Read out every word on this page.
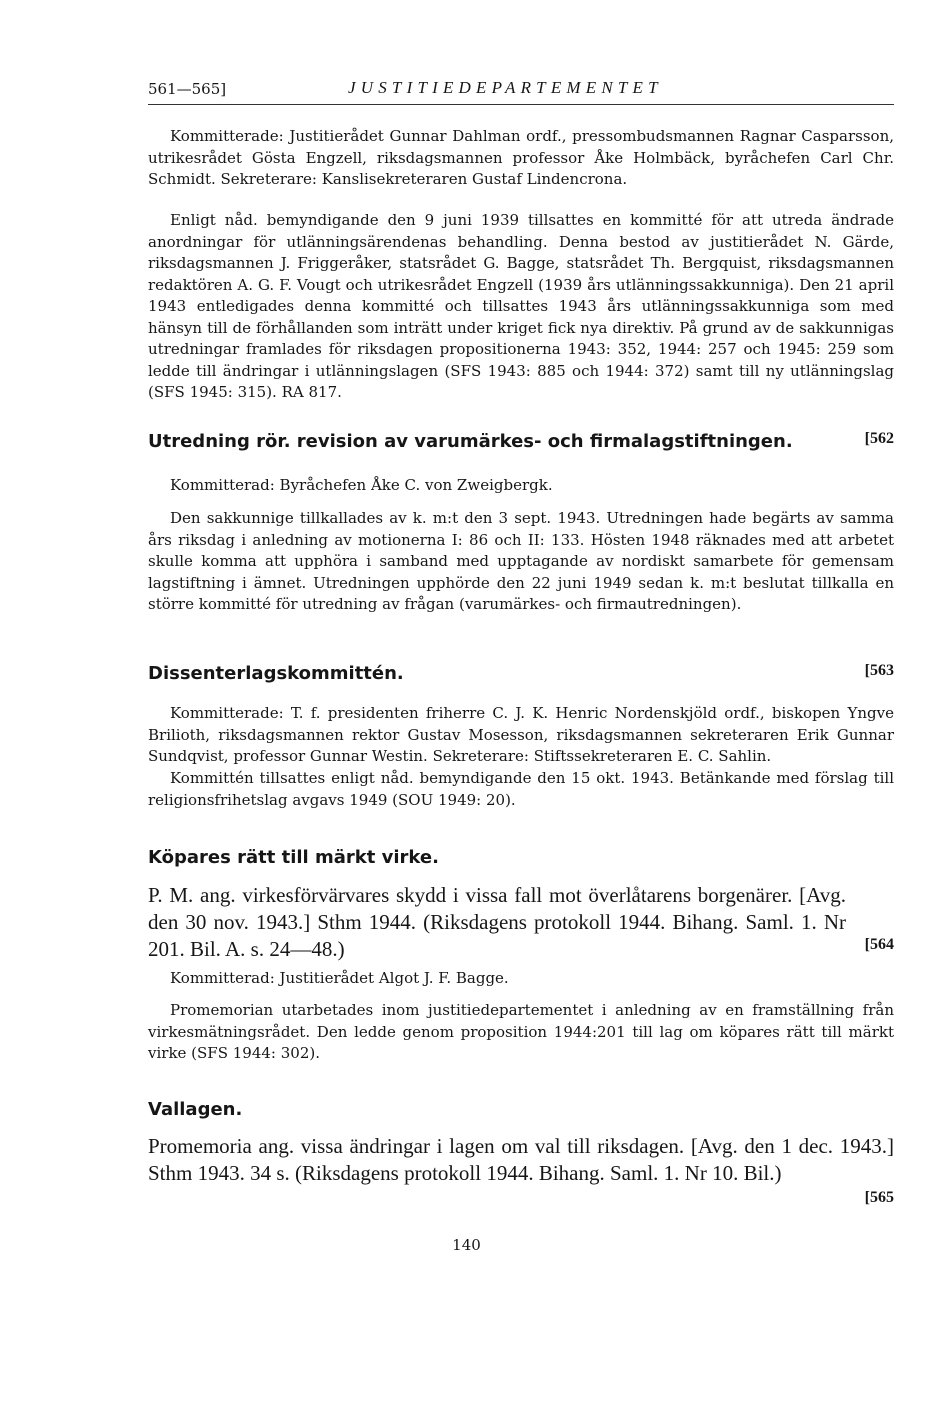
561—565]	JUSTITIEDEPARTEMENTET

Kommitterade: Justitierådet Gunnar Dahlman ordf., pressombudsmannen Ragnar Casparsson, utrikesrådet Gösta Engzell, riksdagsmannen professor Åke Holmbäck, byråchefen Carl Chr. Schmidt. Sekreterare: Kanslisekreteraren Gustaf Lindencrona.

Enligt nåd. bemyndigande den 9 juni 1939 tillsattes en kommitté för att utreda ändrade anordningar för utlänningsärendenas behandling. Denna bestod av justitierådet N. Gärde, riksdagsmannen J. Friggeråker, statsrådet G. Bagge, statsrådet Th. Bergquist, riksdagsmannen redaktören A. G. F. Vougt och utrikesrådet Engzell (1939 års utlänningssakkunniga). Den 21 april 1943 entledigades denna kommitté och tillsattes 1943 års utlänningssakkunniga som med hänsyn till de förhållanden som inträtt under kriget fick nya direktiv. På grund av de sakkunnigas utredningar framlades för riksdagen propositionerna 1943: 352, 1944: 257 och 1945: 259 som ledde till ändringar i utlänningslagen (SFS 1943: 885 och 1944: 372) samt till ny utlänningslag (SFS 1945: 315). RA 817.

Utredning rör. revision av varumärkes- och firmalagstiftningen.	[562

Kommitterad: Byråchefen Åke C. von Zweigbergk.

Den sakkunnige tillkallades av k. m:t den 3 sept. 1943. Utredningen hade begärts av samma års riksdag i anledning av motionerna I: 86 och II: 133. Hösten 1948 räknades med att arbetet skulle komma att upphöra i samband med upptagande av nordiskt samarbete för gemensam lagstiftning i ämnet. Utredningen upphörde den 22 juni 1949 sedan k. m:t beslutat tillkalla en större kommitté för utredning av frågan (varumärkes- och firmautredningen).

Dissenterlagskommittén.	[563

Kommitterade: T. f. presidenten friherre C. J. K. Henric Nordenskjöld ordf., biskopen Yngve Brilioth, riksdagsmannen rektor Gustav Mosesson, riksdagsmannen sekreteraren Erik Gunnar Sundqvist, professor Gunnar Westin. Sekreterare: Stiftssekreteraren E. C. Sahlin.

Kommittén tillsattes enligt nåd. bemyndigande den 15 okt. 1943. Betänkande med förslag till religionsfrihetslag avgavs 1949 (SOU 1949: 20).

Köpares rätt till märkt virke.

P. M. ang. virkesförvärvares skydd i vissa fall mot överlåtarens borgenärer. [Avg. den 30 nov. 1943.] Sthm 1944. (Riksdagens protokoll 1944. Bihang. Saml. 1. Nr 201. Bil. A. s. 24—48.)	[564

Kommitterad: Justitierådet Algot J. F. Bagge.

Promemorian utarbetades inom justitiedepartementet i anledning av en framställning från virkesmätningsrådet. Den ledde genom proposition 1944:201 till lag om köpares rätt till märkt virke (SFS 1944: 302).

Vallagen.

Promemoria ang. vissa ändringar i lagen om val till riksdagen. [Avg. den 1 dec. 1943.] Sthm 1943. 34 s. (Riksdagens protokoll 1944. Bihang. Saml. 1. Nr 10. Bil.)

[565
140
